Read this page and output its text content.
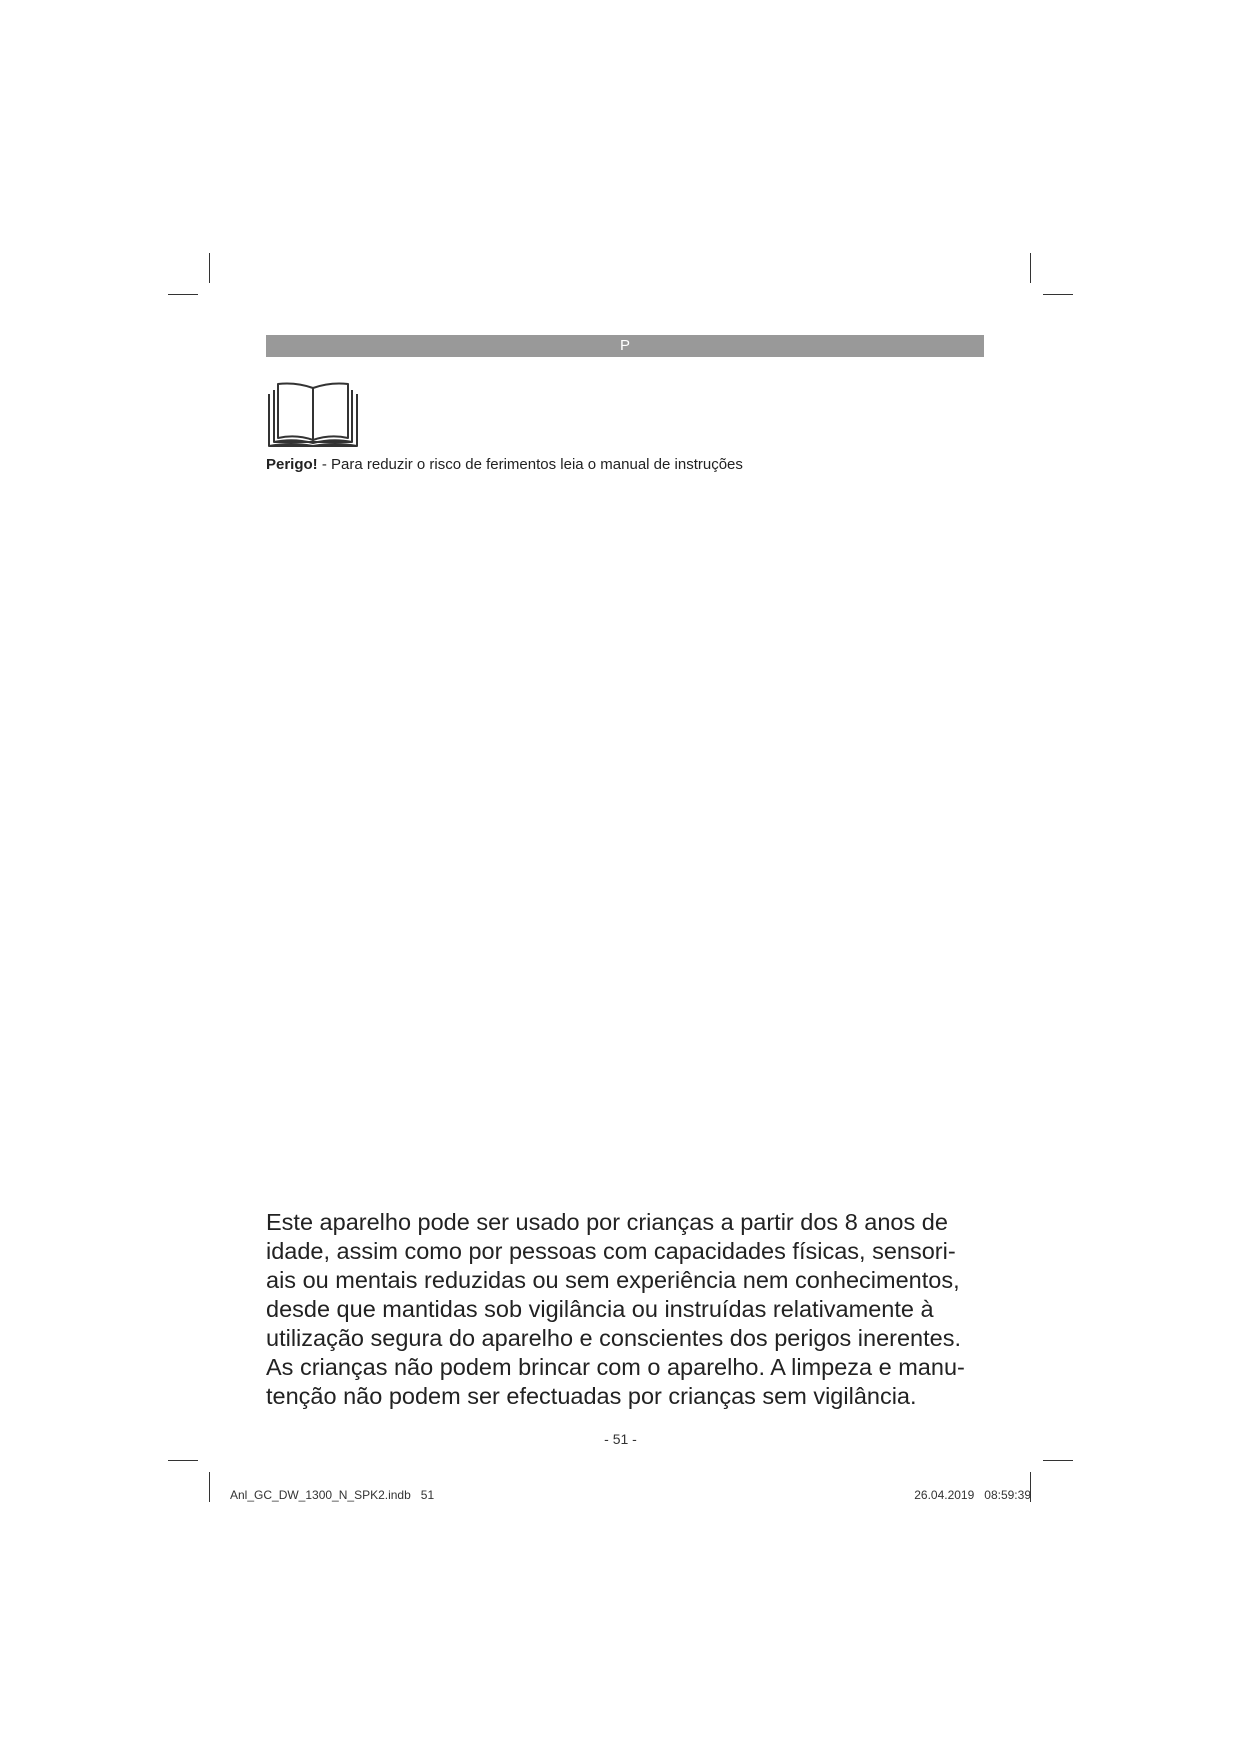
P
Perigo! - Para reduzir o risco de ferimentos leia o manual de instruções
Este aparelho pode ser usado por crianças a partir dos 8 anos de
idade, assim como por pessoas com capacidades físicas, sensori-
ais ou mentais reduzidas ou sem experiência nem conhecimentos,
desde que mantidas sob vigilância ou instruídas relativamente à
utilização segura do aparelho e conscientes dos perigos inerentes.
As crianças não podem brincar com o aparelho. A limpeza e manu-
tenção não podem ser efectuadas por crianças sem vigilância.
- 51 -
Anl_GC_DW_1300_N_SPK2.indb   51	26.04.2019   08:59:39
